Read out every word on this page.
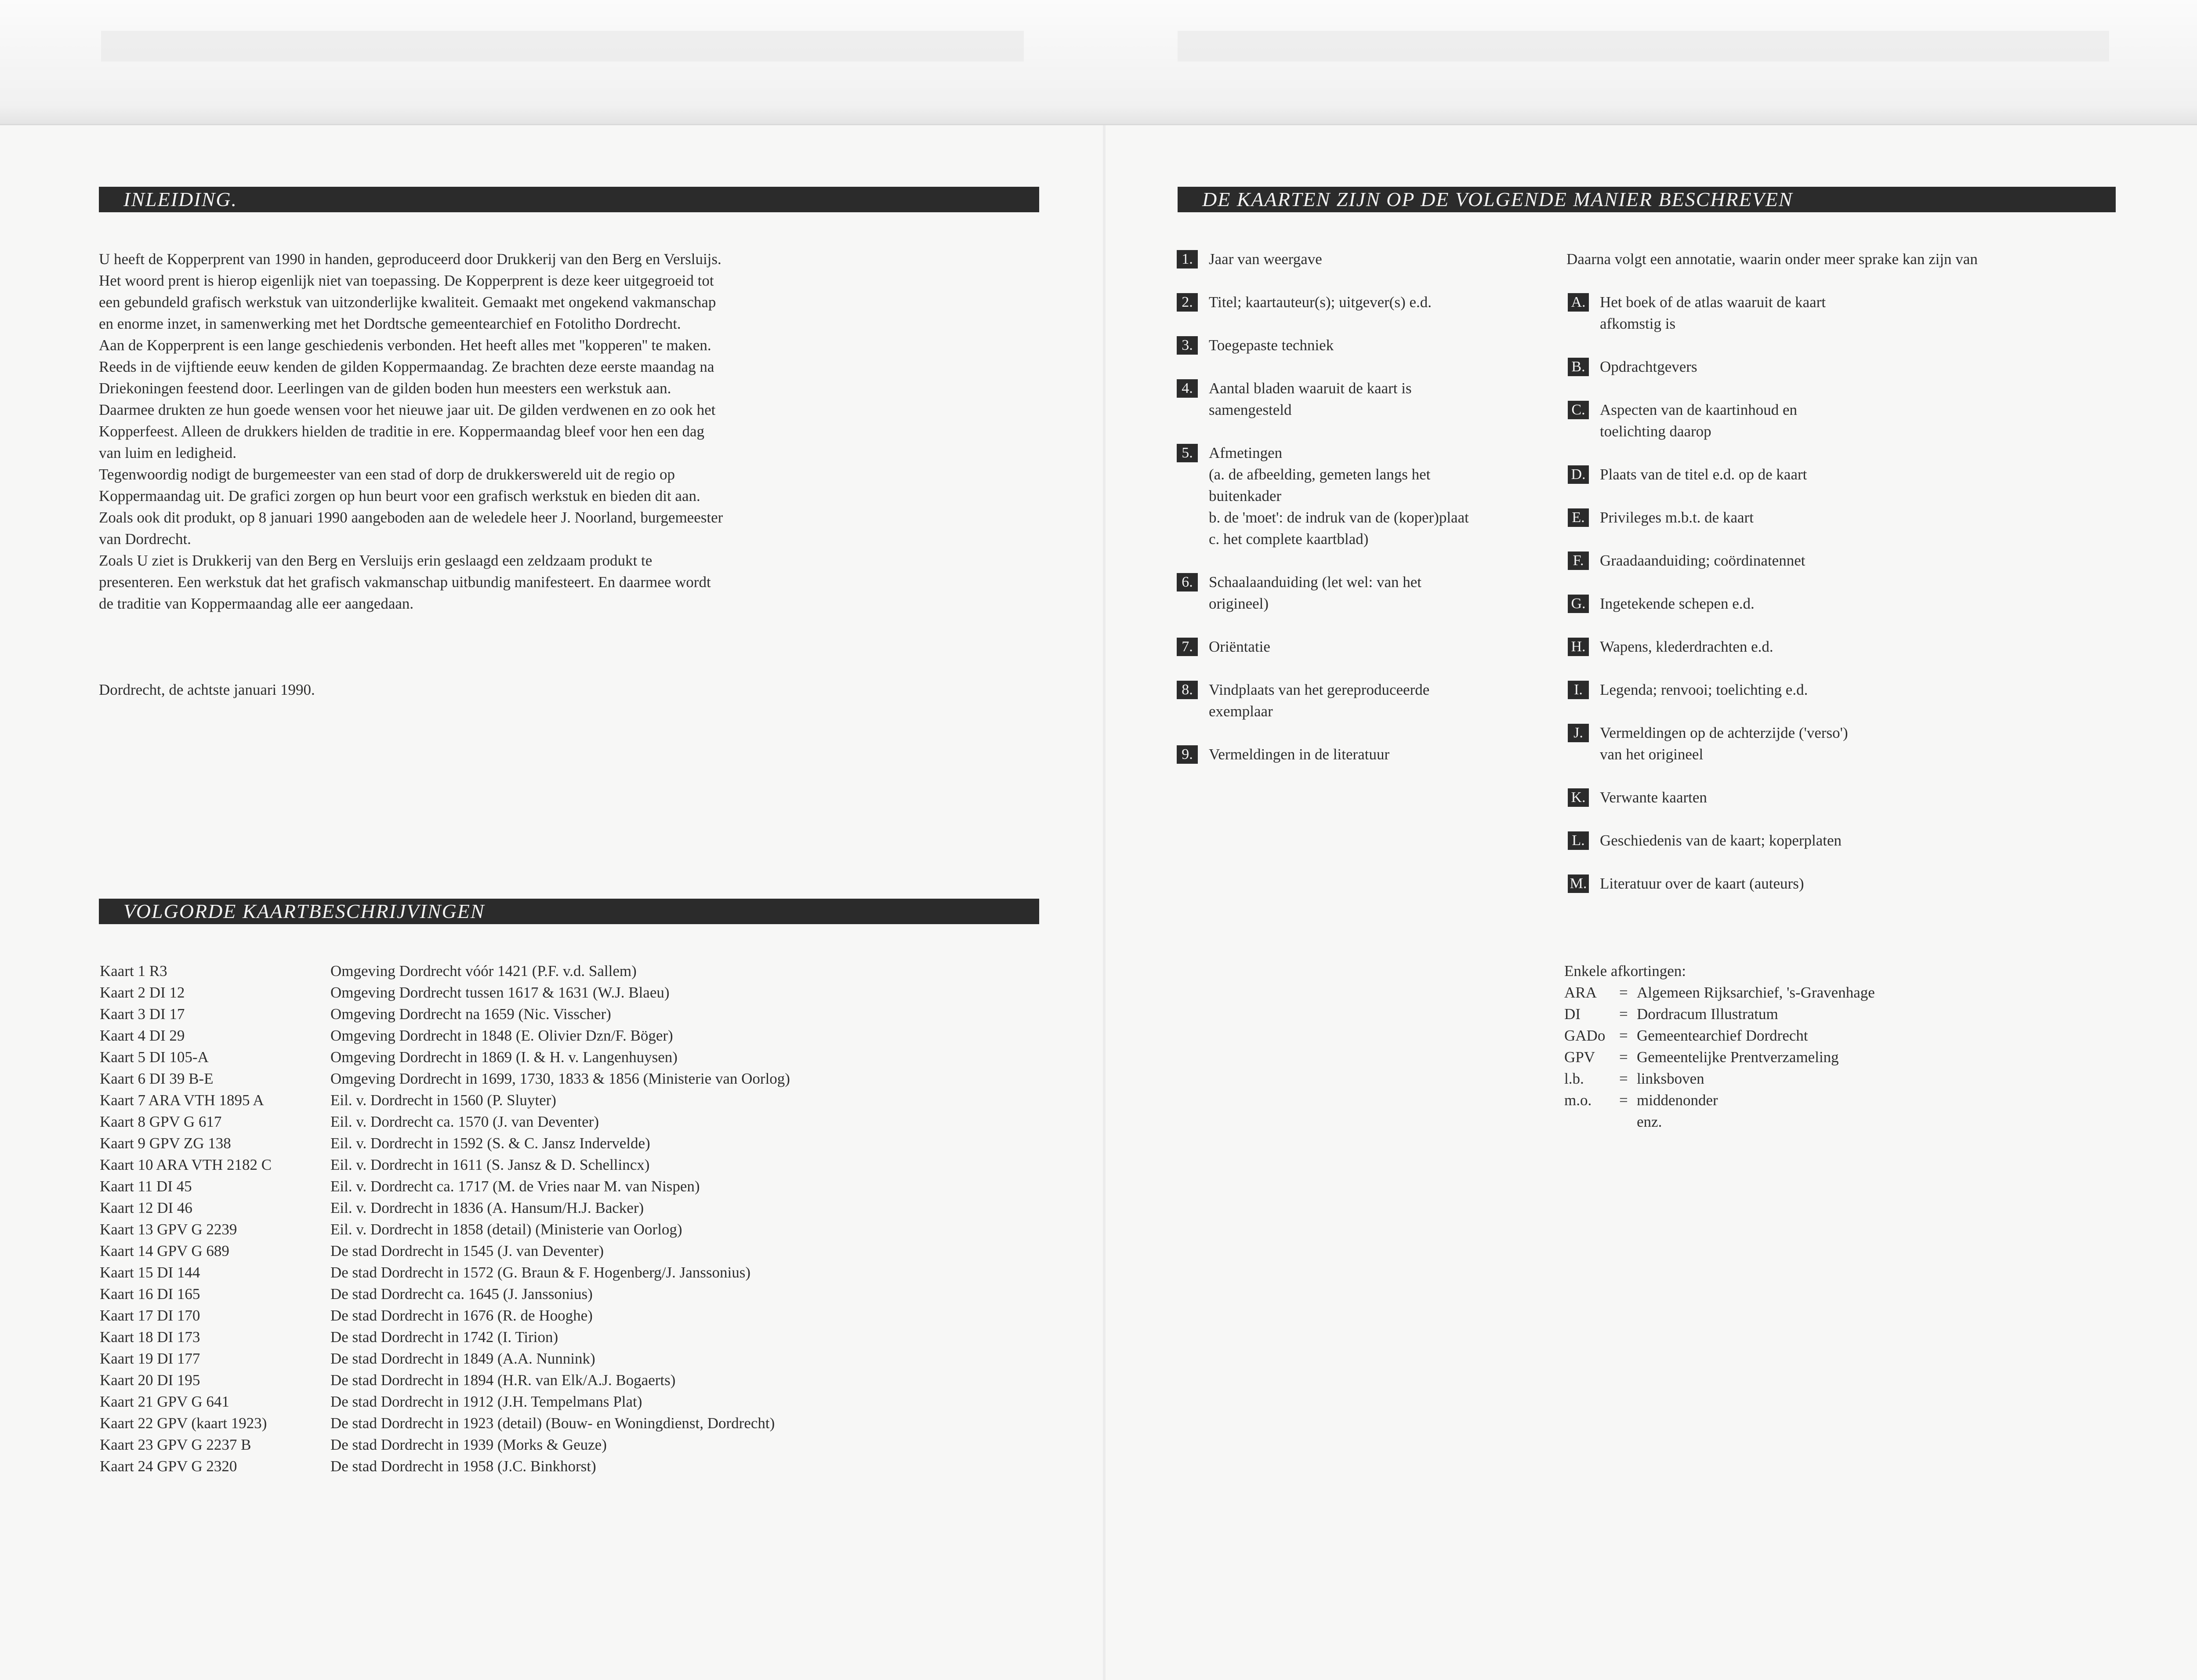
INLEIDING.

U heeft de Kopperprent van 1990 in handen, geproduceerd door Drukkerij van den Berg en Versluijs.

Het woord prent is hierop eigenlijk niet van toepassing. De Kopperprent is deze keer uitgegroeid tot

een gebundeld grafisch werkstuk van uitzonderlijke kwaliteit. Gemaakt met ongekend vakmanschap

en enorme inzet, in samenwerking met het Dordtsche gemeentearchief en Fotolitho Dordrecht.

Aan de Kopperprent is een lange geschiedenis verbonden. Het heeft alles met ''kopperen'' te maken.

Reeds in de vijftiende eeuw kenden de gilden Koppermaandag. Ze brachten deze eerste maandag na

Driekoningen feestend door. Leerlingen van de gilden boden hun meesters een werkstuk aan.

Daarmee drukten ze hun goede wensen voor het nieuwe jaar uit. De gilden verdwenen en zo ook het

Kopperfeest. Alleen de drukkers hielden de traditie in ere. Koppermaandag bleef voor hen een dag

van luim en ledigheid.

Tegenwoordig nodigt de burgemeester van een stad of dorp de drukkerswereld uit de regio op

Koppermaandag uit. De grafici zorgen op hun beurt voor een grafisch werkstuk en bieden dit aan.

Zoals ook dit produkt, op 8 januari 1990 aangeboden aan de weledele heer J. Noorland, burgemeester

van Dordrecht.

Zoals U ziet is Drukkerij van den Berg en Versluijs erin geslaagd een zeldzaam produkt te

presenteren. Een werkstuk dat het grafisch vakmanschap uitbundig manifesteert. En daarmee wordt

de traditie van Koppermaandag alle eer aangedaan.

Dordrecht, de achtste januari 1990.
VOLGORDE KAARTBESCHRIJVINGEN
Kaart 1 R3	Omgeving Dordrecht vóór 1421 (P.F. v.d. Sallem)
Kaart 2 DI 12	Omgeving Dordrecht tussen 1617 & 1631 (W.J. Blaeu)
Kaart 3 DI 17	Omgeving Dordrecht na 1659 (Nic. Visscher)
Kaart 4 DI 29	Omgeving Dordrecht in 1848 (E. Olivier Dzn/F. Böger)
Kaart 5 DI 105-A	Omgeving Dordrecht in 1869 (I. & H. v. Langenhuysen)
Kaart 6 DI 39 B-E	Omgeving Dordrecht in 1699, 1730, 1833 & 1856 (Ministerie van Oorlog)
Kaart 7 ARA VTH 1895 A	Eil. v. Dordrecht in 1560 (P. Sluyter)
Kaart 8 GPV G 617	Eil. v. Dordrecht ca. 1570 (J. van Deventer)
Kaart 9 GPV ZG 138	Eil. v. Dordrecht in 1592 (S. & C. Jansz Indervelde)
Kaart 10 ARA VTH 2182 C	Eil. v. Dordrecht in 1611 (S. Jansz & D. Schellincx)
Kaart 11 DI 45	Eil. v. Dordrecht ca. 1717 (M. de Vries naar M. van Nispen)
Kaart 12 DI 46	Eil. v. Dordrecht in 1836 (A. Hansum/H.J. Backer)
Kaart 13 GPV G 2239	Eil. v. Dordrecht in 1858 (detail) (Ministerie van Oorlog)
Kaart 14 GPV G 689	De stad Dordrecht in 1545 (J. van Deventer)
Kaart 15 DI 144	De stad Dordrecht in 1572 (G. Braun & F. Hogenberg/J. Janssonius)
Kaart 16 DI 165	De stad Dordrecht ca. 1645 (J. Janssonius)
Kaart 17 DI 170	De stad Dordrecht in 1676 (R. de Hooghe)
Kaart 18 DI 173	De stad Dordrecht in 1742 (I. Tirion)
Kaart 19 DI 177	De stad Dordrecht in 1849 (A.A. Nunnink)
Kaart 20 DI 195	De stad Dordrecht in 1894 (H.R. van Elk/A.J. Bogaerts)
Kaart 21 GPV G 641	De stad Dordrecht in 1912 (J.H. Tempelmans Plat)
Kaart 22 GPV (kaart 1923)	De stad Dordrecht in 1923 (detail) (Bouw- en Woningdienst, Dordrecht)
Kaart 23 GPV G 2237 B	De stad Dordrecht in 1939 (Morks & Geuze)
Kaart 24 GPV G 2320	De stad Dordrecht in 1958 (J.C. Binkhorst)
DE KAARTEN ZIJN OP DE VOLGENDE MANIER BESCHREVEN
1.	Jaar van weergave
2.	Titel; kaartauteur(s); uitgever(s) e.d.
3.	Toegepaste techniek
4.	Aantal bladen waaruit de kaart is
samengesteld
5.	Afmetingen
(a. de afbeelding, gemeten langs het
buitenkader
b. de 'moet': de indruk van de (koper)plaat
c. het complete kaartblad)
6.	Schaalaanduiding (let wel: van het
origineel)
7.	Oriëntatie
8.	Vindplaats van het gereproduceerde
exemplaar
9.	Vermeldingen in de literatuur
Daarna volgt een annotatie, waarin onder meer sprake kan zijn van
A. Het boek of de atlas waaruit de kaart
afkomstig is
B. Opdrachtgevers
C. Aspecten van de kaartinhoud en
toelichting daarop
D. Plaats van de titel e.d. op de kaart
E. Privileges m.b.t. de kaart
F.	Graadaanduiding; coördinatennet
G. Ingetekende schepen e.d.
H. Wapens, klederdrachten e.d.
I.	Legenda; renvooi; toelichting e.d.
J.	Vermeldingen op de achterzijde ('verso')
van het origineel
K. Verwante kaarten
L. Geschiedenis van de kaart; koperplaten
M. Literatuur over de kaart (auteurs)
Enkele afkortingen:
ARA	=	Algemeen Rijksarchief, 's-Gravenhage
DI	=	Dordracum Illustratum
GADo	=	Gemeentearchief Dordrecht
GPV	=	Gemeentelijke Prentverzameling
l.b.	=	linksboven
m.o.	=	middenonder
		enz.
